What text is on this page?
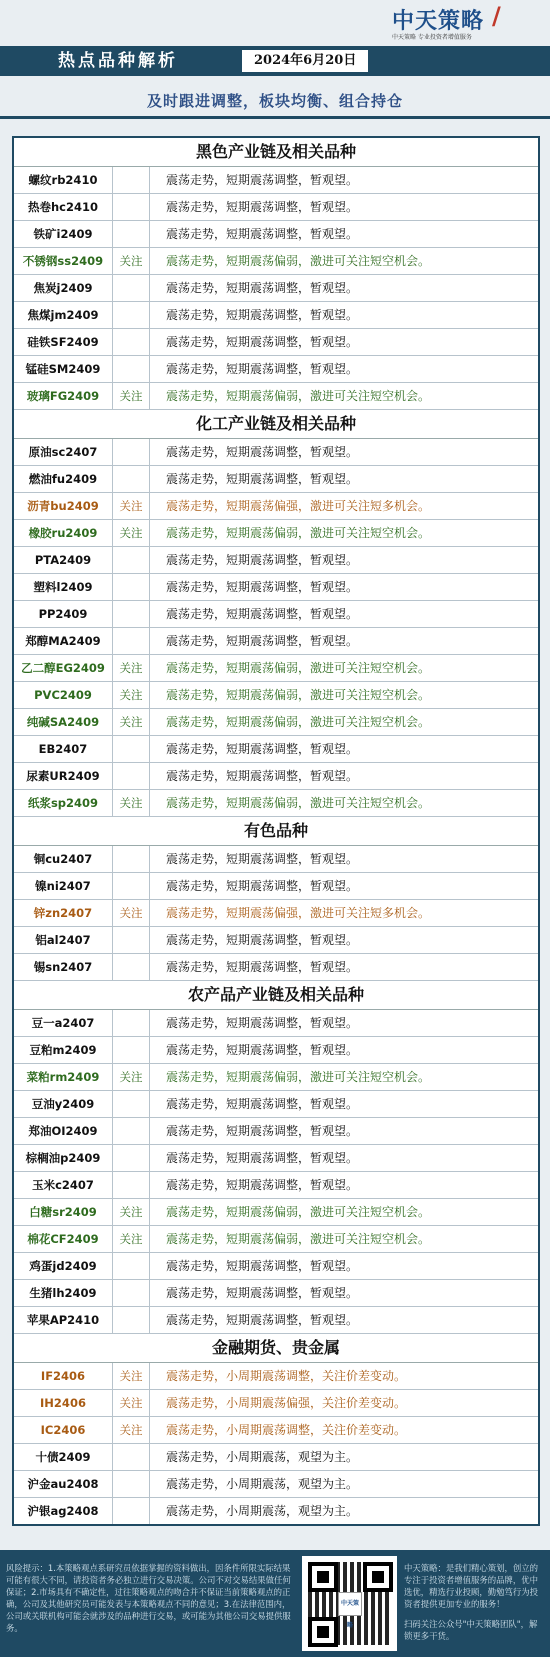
热点品种解析	2024年6月20日
中天策略 /
中天策略 专业投资者增值服务
及时跟进调整，板块均衡、组合持仓
黑色产业链及相关品种
螺纹rb2410	震荡走势，短期震荡调整，暂观望。
热卷hc2410	震荡走势，短期震荡调整，暂观望。
铁矿i2409	震荡走势，短期震荡调整，暂观望。
不锈钢ss2409	关注	震荡走势，短期震荡偏弱，激进可关注短空机会。
焦炭j2409	震荡走势，短期震荡调整，暂观望。
焦煤jm2409	震荡走势，短期震荡调整，暂观望。
硅铁SF2409	震荡走势，短期震荡调整，暂观望。
锰硅SM2409	震荡走势，短期震荡调整，暂观望。
玻璃FG2409	关注	震荡走势，短期震荡偏弱，激进可关注短空机会。
化工产业链及相关品种
原油sc2407	震荡走势，短期震荡调整，暂观望。
燃油fu2409	震荡走势，短期震荡调整，暂观望。
沥青bu2409	关注	震荡走势，短期震荡偏强，激进可关注短多机会。
橡胶ru2409	关注	震荡走势，短期震荡偏弱，激进可关注短空机会。
PTA2409	震荡走势，短期震荡调整，暂观望。
塑料l2409	震荡走势，短期震荡调整，暂观望。
PP2409	震荡走势，短期震荡调整，暂观望。
郑醇MA2409	震荡走势，短期震荡调整，暂观望。
乙二醇EG2409	关注	震荡走势，短期震荡偏弱，激进可关注短空机会。
PVC2409	关注	震荡走势，短期震荡偏弱，激进可关注短空机会。
纯碱SA2409	关注	震荡走势，短期震荡偏弱，激进可关注短空机会。
EB2407	震荡走势，短期震荡调整，暂观望。
尿素UR2409	震荡走势，短期震荡调整，暂观望。
纸浆sp2409	关注	震荡走势，短期震荡偏弱，激进可关注短空机会。
有色品种
铜cu2407	震荡走势，短期震荡调整，暂观望。
镍ni2407	震荡走势，短期震荡调整，暂观望。
锌zn2407	关注	震荡走势，短期震荡偏强，激进可关注短多机会。
铝al2407	震荡走势，短期震荡调整，暂观望。
锡sn2407	震荡走势，短期震荡调整，暂观望。
农产品产业链及相关品种
豆一a2407	震荡走势，短期震荡调整，暂观望。
豆粕m2409	震荡走势，短期震荡调整，暂观望。
菜粕rm2409	关注	震荡走势，短期震荡偏弱，激进可关注短空机会。
豆油y2409	震荡走势，短期震荡调整，暂观望。
郑油OI2409	震荡走势，短期震荡调整，暂观望。
棕榈油p2409	震荡走势，短期震荡调整，暂观望。
玉米c2407	震荡走势，短期震荡调整，暂观望。
白糖sr2409	关注	震荡走势，短期震荡偏弱，激进可关注短空机会。
棉花CF2409	关注	震荡走势，短期震荡偏弱，激进可关注短空机会。
鸡蛋jd2409	震荡走势，短期震荡调整，暂观望。
生猪lh2409	震荡走势，短期震荡调整，暂观望。
苹果AP2410	震荡走势，短期震荡调整，暂观望。
金融期货、贵金属
IF2406	关注	震荡走势，小周期震荡调整，关注价差变动。
IH2406	关注	震荡走势，小周期震荡偏强，关注价差变动。
IC2406	关注	震荡走势，小周期震荡调整，关注价差变动。
十债2409	震荡走势，小周期震荡，观望为主。
沪金au2408	震荡走势，小周期震荡，观望为主。
沪银ag2408	震荡走势，小周期震荡，观望为主。
风险提示：1.本策略观点系研究员依据掌握的资料做出，因条件所限实际结果可能有很大不同，请投资者务必独立进行交易决策。公司不对交易结果做任何保证；2.市场具有不确定性，过往策略观点的吻合并不保证当前策略观点的正确，公司及其他研究员可能发表与本策略观点不同的意见；3.在法律范围内，公司或关联机构可能会就涉及的品种进行交易，或可能为其他公司交易提供服务。
中天策略
中天策略：是我们精心策划，创立的专注于投资者增值服务的品牌，优中选优，精选行业投顾，勤勉笃行为投资者提供更加专业的服务！
扫码关注公众号"中天策略团队"，解锁更多干货。
